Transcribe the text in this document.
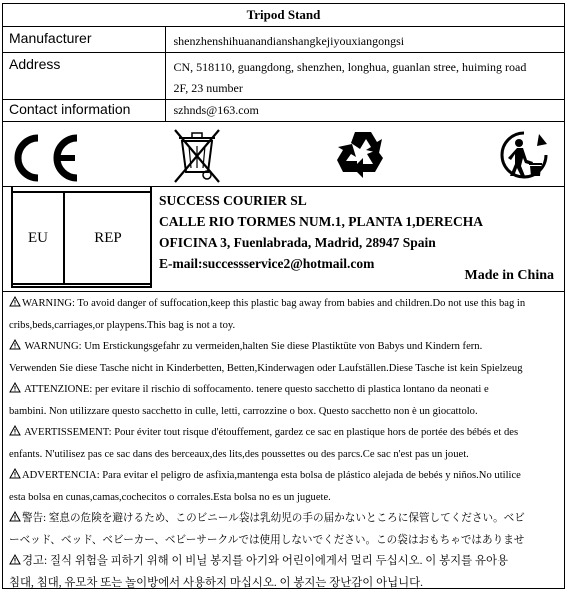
Tripod Stand
Manufacturer	shenzhenshihuanandianshangkejiyouxiangongsi
Address	CN, 518110, guangdong, shenzhen, longhua, guanlan stree, huiming road
2F, 23 number

Contact information	szhnds@163.com
EU	REP
SUCCESS COURIER SL
CALLE RIO TORMES NUM.1, PLANTA 1,DERECHA
OFICINA 3, Fuenlabrada, Madrid, 28947 Spain
E-mail:successservice2@hotmail.com
Made in China

WARNING: To avoid danger of suffocation,keep this plastic bag away from babies and children.Do not use this bag in

cribs,beds,carriages,or playpens.This bag is not a toy.

WARNUNG: Um Erstickungsgefahr zu vermeiden,halten Sie diese Plastiktüte von Babys und Kindern fern.

Verwenden Sie diese Tasche nicht in Kinderbetten, Betten,Kinderwagen oder Laufställen.Diese Tasche ist kein Spielzeug

ATTENZIONE: per evitare il rischio di soffocamento. tenere questo sacchetto di plastica lontano da neonati e

bambini. Non utilizzare questo sacchetto in culle, letti, carrozzine o box. Questo sacchetto non è un giocattolo.

AVERTISSEMENT: Pour éviter tout risque d'étouffement, gardez ce sac en plastique hors de portée des bébés et des

enfants. N'utilisez pas ce sac dans des berceaux,des lits,des poussettes ou des parcs.Ce sac n'est pas un jouet.

ADVERTENCIA: Para evitar el peligro de asfixia,mantenga esta bolsa de plástico alejada de bebés y niños.No utilice

esta bolsa en cunas,camas,cochecitos o corrales.Esta bolsa no es un juguete.

警告: 窒息の危険を避けるため、このビニール袋は乳幼児の手の届かないところに保管してください。ベビ

ーベッド、ベッド、ベビーカー、ベビーサークルでは使用しないでください。この袋はおもちゃではありませ

경고: 질식 위험을 피하기 위해 이 비닐 봉지를 아기와 어린이에게서 멀리 두십시오. 이 봉지를 유아용

침대, 침대, 유모차 또는 놀이방에서 사용하지 마십시오. 이 봉지는 장난감이 아닙니다.
